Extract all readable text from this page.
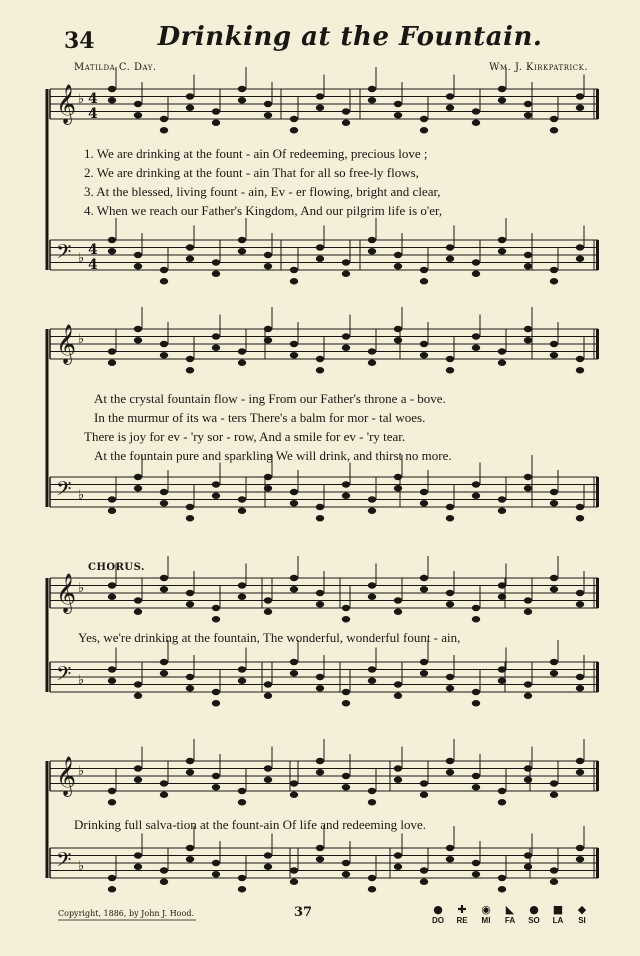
𝄞 ♭
𝄢 ♭
𝄞 ♭
𝄢 ♭
𝄞 ♭
𝄢 ♭
𝄞 ♭
𝄢 ♭
4
4
4
4
34	Drinking at the Fountain.
Matilda C. Day.	Wm. J. Kirkpatrick.
1. We are drinking at the fount - ain Of redeeming, precious love ;
2. We are drinking at the fount - ain That for all so free-ly flows,
3. At the blessed, living fount - ain, Ev - er flowing, bright and clear,
4. When we reach our Father's Kingdom, And our pilgrim life is o'er,
At the crystal fountain flow - ing From our Father's throne a - bove.
In the murmur of its wa - ters There's a balm for mor - tal woes.
There is joy for ev - 'ry sor - row, And a smile for ev - 'ry tear.
At the fountain pure and sparkling We will drink, and thirst no more.
CHORUS.
Yes, we're drinking at the fountain, The wonderful, wonderful fount - ain,
Drinking full salva-tion at the fount-ain Of life and redeeming love.
Copyright, 1886, by John J. Hood.	37	●
DO
✚
RE
◉
MI
◣
FA
●
SO
■
LA
◆
SI
